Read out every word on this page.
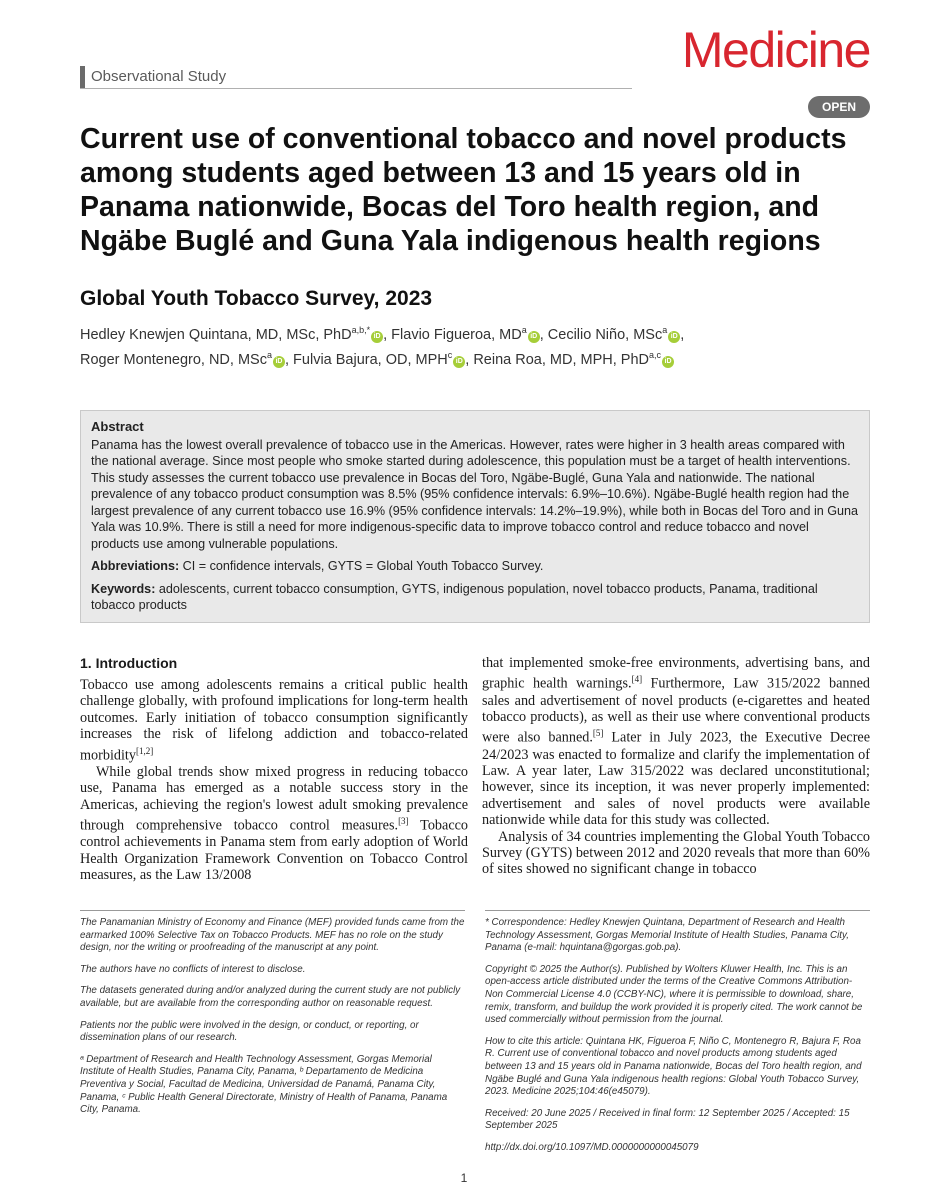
Observational Study	Medicine
OPEN
Current use of conventional tobacco and novel products among students aged between 13 and 15 years old in Panama nationwide, Bocas del Toro health region, and Ngäbe Buglé and Guna Yala indigenous health regions
Global Youth Tobacco Survey, 2023
Hedley Knewjen Quintana, MD, MSc, PhD$^{a,b,*}$iD , Flavio Figueroa, $MD^aiD$ , Cecilio Niño, MSc$^a$iD ,
Roger Montenegro, ND, MSc$^a$iD , Fulvia Bajura, OD, MPH$^c$iD , Reina Roa, MD, MPH, PhD$^{a,c}$iD
Abstract

Panama has the lowest overall prevalence of tobacco use in the Americas. However, rates were higher in 3 health areas compared with the national average. Since most people who smoke started during adolescence, this population must be a target of health interventions. This study assesses the current tobacco use prevalence in Bocas del Toro, Ngäbe-Buglé, Guna Yala and nationwide. The national prevalence of any tobacco product consumption was 8.5% (95% confidence intervals: 6.9%–10.6%). Ngäbe-Buglé health region had the largest prevalence of any current tobacco use 16.9% (95% confidence intervals: 14.2%–19.9%), while both in Bocas del Toro and in Guna Yala was 10.9%. There is still a need for more indigenous-specific data to improve tobacco control and reduce tobacco and novel products use among vulnerable populations.

Abbreviations: CI = confidence intervals, GYTS = Global Youth Tobacco Survey.

Keywords: adolescents, current tobacco consumption, GYTS, indigenous population, novel tobacco products, Panama, traditional tobacco products

1. Introduction

Tobacco use among adolescents remains a critical public health challenge globally, with profound implications for long-term health outcomes. Early initiation of tobacco consumption significantly increases the risk of lifelong addiction and tobacco-related morbidity[1,2]

While global trends show mixed progress in reducing tobacco use, Panama has emerged as a notable success story in the Americas, achieving the region's lowest adult smoking prevalence through comprehensive tobacco control measures.[3] Tobacco control achievements in Panama stem from early adoption of World Health Organization Framework Convention on Tobacco Control measures, as the Law 13/2008

that implemented smoke-free environments, advertising bans, and graphic health warnings.[4] Furthermore, Law 315/2022 banned sales and advertisement of novel products (e-cigarettes and heated tobacco products), as well as their use where conventional products were also banned.[5] Later in July 2023, the Executive Decree 24/2023 was enacted to formalize and clarify the implementation of Law. A year later, Law 315/2022 was declared unconstitutional; however, since its inception, it was never properly implemented: advertisement and sales of novel products were available nationwide while data for this study was collected.

Analysis of 34 countries implementing the Global Youth Tobacco Survey (GYTS) between 2012 and 2020 reveals that more than 60% of sites showed no significant change in tobacco

The Panamanian Ministry of Economy and Finance (MEF) provided funds came from the earmarked 100% Selective Tax on Tobacco Products. MEF has no role on the study design, nor the writing or proofreading of the manuscript at any point.

The authors have no conflicts of interest to disclose.

The datasets generated during and/or analyzed during the current study are not publicly available, but are available from the corresponding author on reasonable request.

Patients nor the public were involved in the design, or conduct, or reporting, or dissemination plans of our research.

ᵃ Department of Research and Health Technology Assessment, Gorgas Memorial Institute of Health Studies, Panama City, Panama, ᵇ Departamento de Medicina Preventiva y Social, Facultad de Medicina, Universidad de Panamá, Panama City, Panama, ᶜ Public Health General Directorate, Ministry of Health of Panama, Panama City, Panama.

* Correspondence: Hedley Knewjen Quintana, Department of Research and Health Technology Assessment, Gorgas Memorial Institute of Health Studies, Panama City, Panama (e-mail: hquintana@gorgas.gob.pa).

Copyright © 2025 the Author(s). Published by Wolters Kluwer Health, Inc. This is an open-access article distributed under the terms of the Creative Commons Attribution-Non Commercial License 4.0 (CCBY-NC), where it is permissible to download, share, remix, transform, and buildup the work provided it is properly cited. The work cannot be used commercially without permission from the journal.

How to cite this article: Quintana HK, Figueroa F, Niño C, Montenegro R, Bajura F, Roa R. Current use of conventional tobacco and novel products among students aged between 13 and 15 years old in Panama nationwide, Bocas del Toro health region, and Ngäbe Buglé and Guna Yala indigenous health regions: Global Youth Tobacco Survey, 2023. Medicine 2025;104:46(e45079).

Received: 20 June 2025 / Received in final form: 12 September 2025 / Accepted: 15 September 2025

http://dx.doi.org/10.1097/MD.0000000000045079

1
